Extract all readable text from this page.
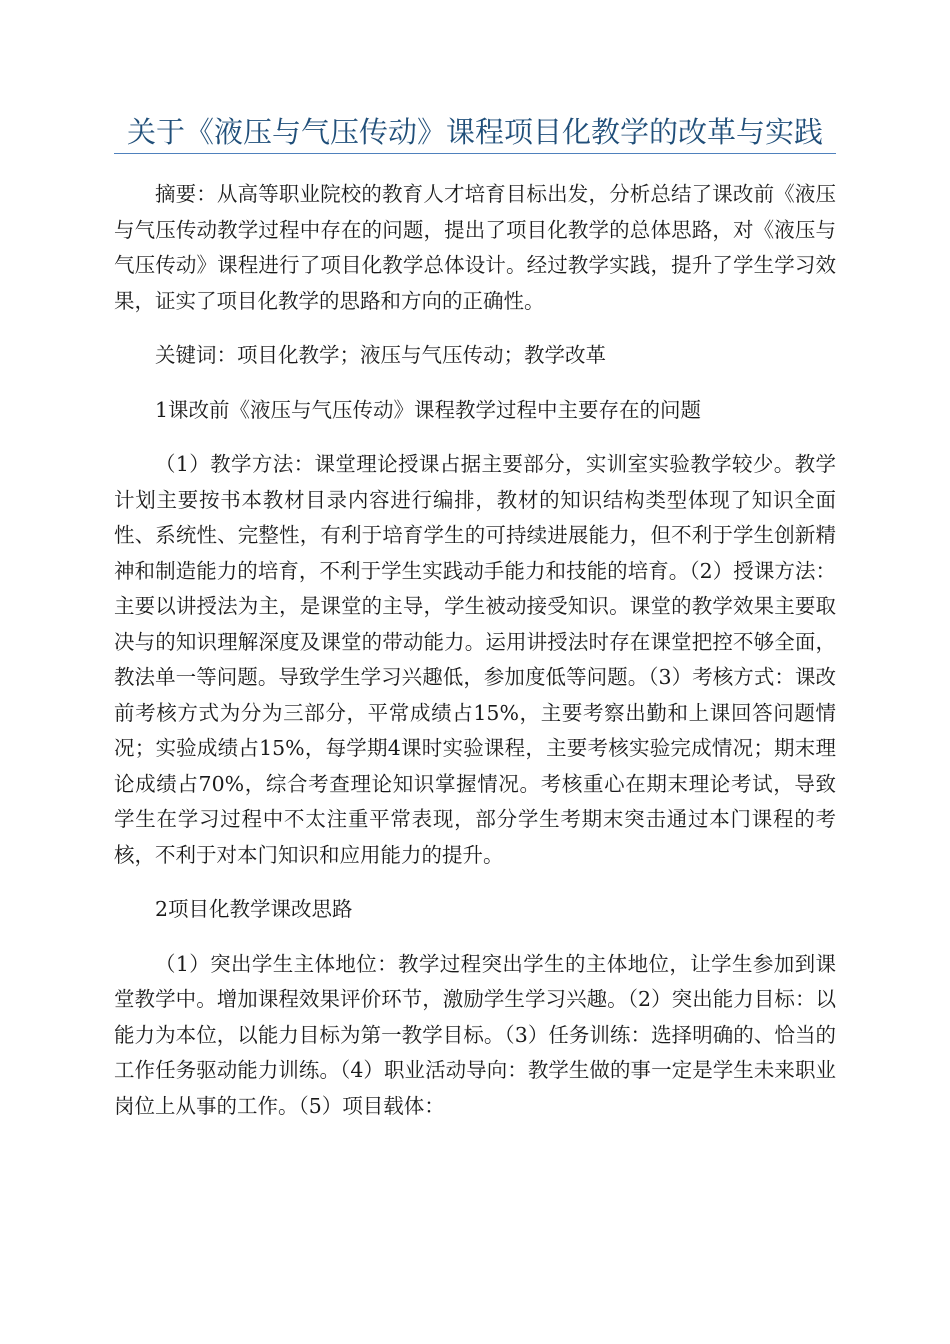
关于《液压与气压传动》课程项目化教学的改革与实践

摘要：从高等职业院校的教育人才培育目标出发，分析总结了课改前《液压与气压传动教学过程中存在的问题，提出了项目化教学的总体思路，对《液压与气压传动》课程进行了项目化教学总体设计。经过教学实践，提升了学生学习效果，证实了项目化教学的思路和方向的正确性。

关键词：项目化教学；液压与气压传动；教学改革

1课改前《液压与气压传动》课程教学过程中主要存在的问题

（1）教学方法：课堂理论授课占据主要部分，实训室实验教学较少。教学计划主要按书本教材目录内容进行编排，教材的知识结构类型体现了知识全面性、系统性、完整性，有利于培育学生的可持续进展能力，但不利于学生创新精神和制造能力的培育，不利于学生实践动手能力和技能的培育。（2）授课方法：主要以讲授法为主，是课堂的主导，学生被动接受知识。课堂的教学效果主要取决与的知识理解深度及课堂的带动能力。运用讲授法时存在课堂把控不够全面，教法单一等问题。导致学生学习兴趣低，参加度低等问题。（3）考核方式：课改前考核方式为分为三部分，平常成绩占15%，主要考察出勤和上课回答问题情况；实验成绩占15%，每学期4课时实验课程，主要考核实验完成情况；期末理论成绩占70%，综合考查理论知识掌握情况。考核重心在期末理论考试，导致学生在学习过程中不太注重平常表现，部分学生考期末突击通过本门课程的考核，不利于对本门知识和应用能力的提升。

2项目化教学课改思路

（1）突出学生主体地位：教学过程突出学生的主体地位，让学生参加到课堂教学中。增加课程效果评价环节，激励学生学习兴趣。（2）突出能力目标：以能力为本位，以能力目标为第一教学目标。（3）任务训练：选择明确的、恰当的工作任务驱动能力训练。（4）职业活动导向：教学生做的事一定是学生未来职业岗位上从事的工作。（5）项目载体：
